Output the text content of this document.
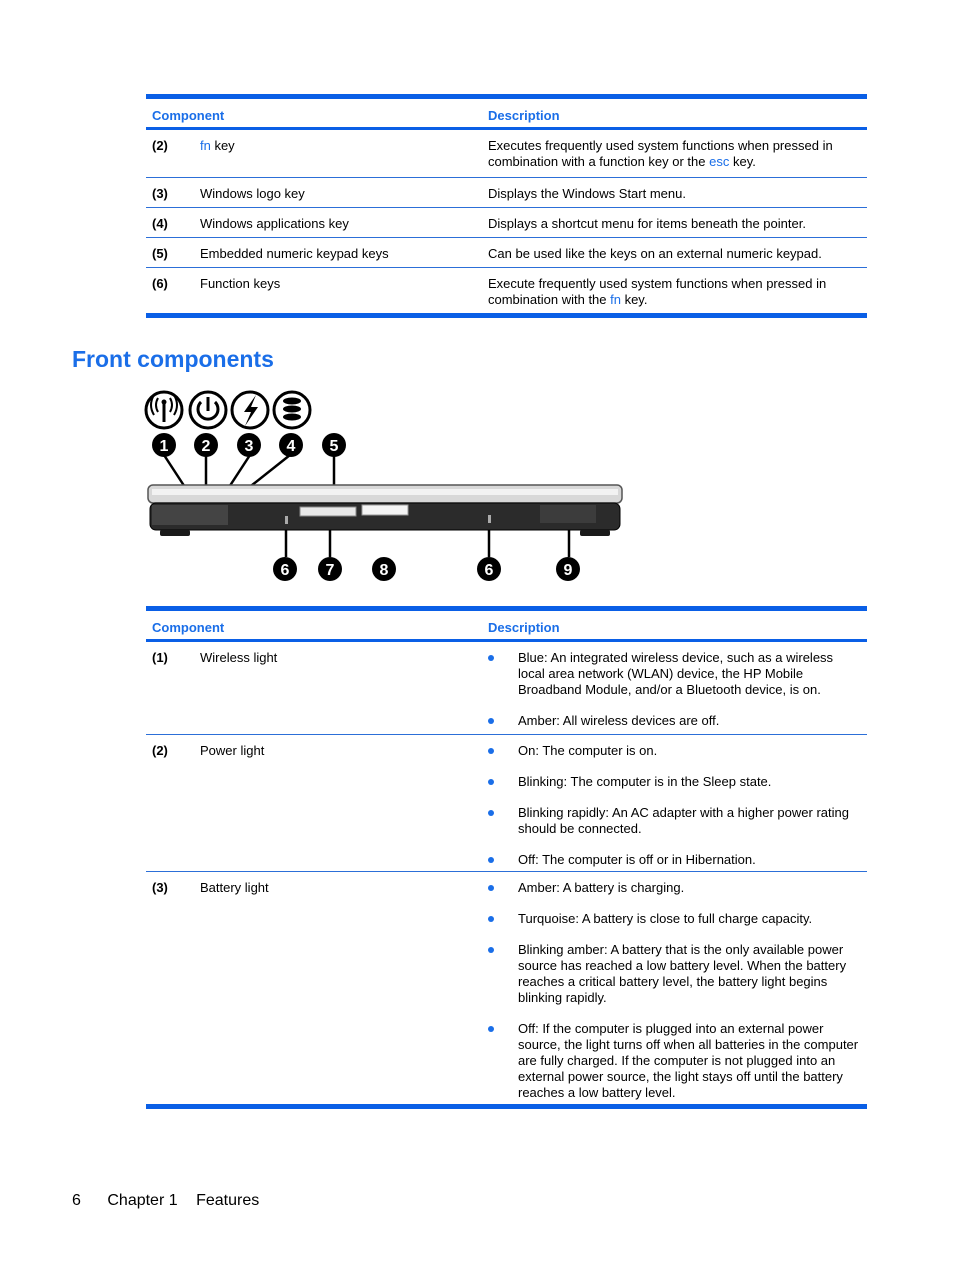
Component	Description
(2) fn key	Executes frequently used system functions when pressed in
combination with a function key or the esc key.
(3) Windows logo key	Displays the Windows Start menu.
(4) Windows applications key	Displays a shortcut menu for items beneath the pointer.
(5) Embedded numeric keypad keys	Can be used like the keys on an external numeric keypad.
(6) Function keys	Execute frequently used system functions when pressed in
combination with the fn key.
Front components
1 2 3 4 5
6 7	8	6	9
Component	Description
(1) Wireless light	Blue: An integrated wireless device, such as a wireless local area network (WLAN) device, the HP Mobile Broadband Module, and/or a Bluetooth device, is on.
Amber: All wireless devices are off.
(2) Power light	On: The computer is on.
Blinking: The computer is in the Sleep state.
Blinking rapidly: An AC adapter with a higher power rating should be connected.
Off: The computer is off or in Hibernation.
(3) Battery light	Amber: A battery is charging.
Turquoise: A battery is close to full charge capacity.
Blinking amber: A battery that is the only available power source has reached a low battery level. When the battery reaches a critical battery level, the battery light begins blinking rapidly.
Off: If the computer is plugged into an external power source, the light turns off when all batteries in the computer are fully charged. If the computer is not plugged into an external power source, the light stays off until the battery reaches a low battery level.
6 Chapter 1 Features
